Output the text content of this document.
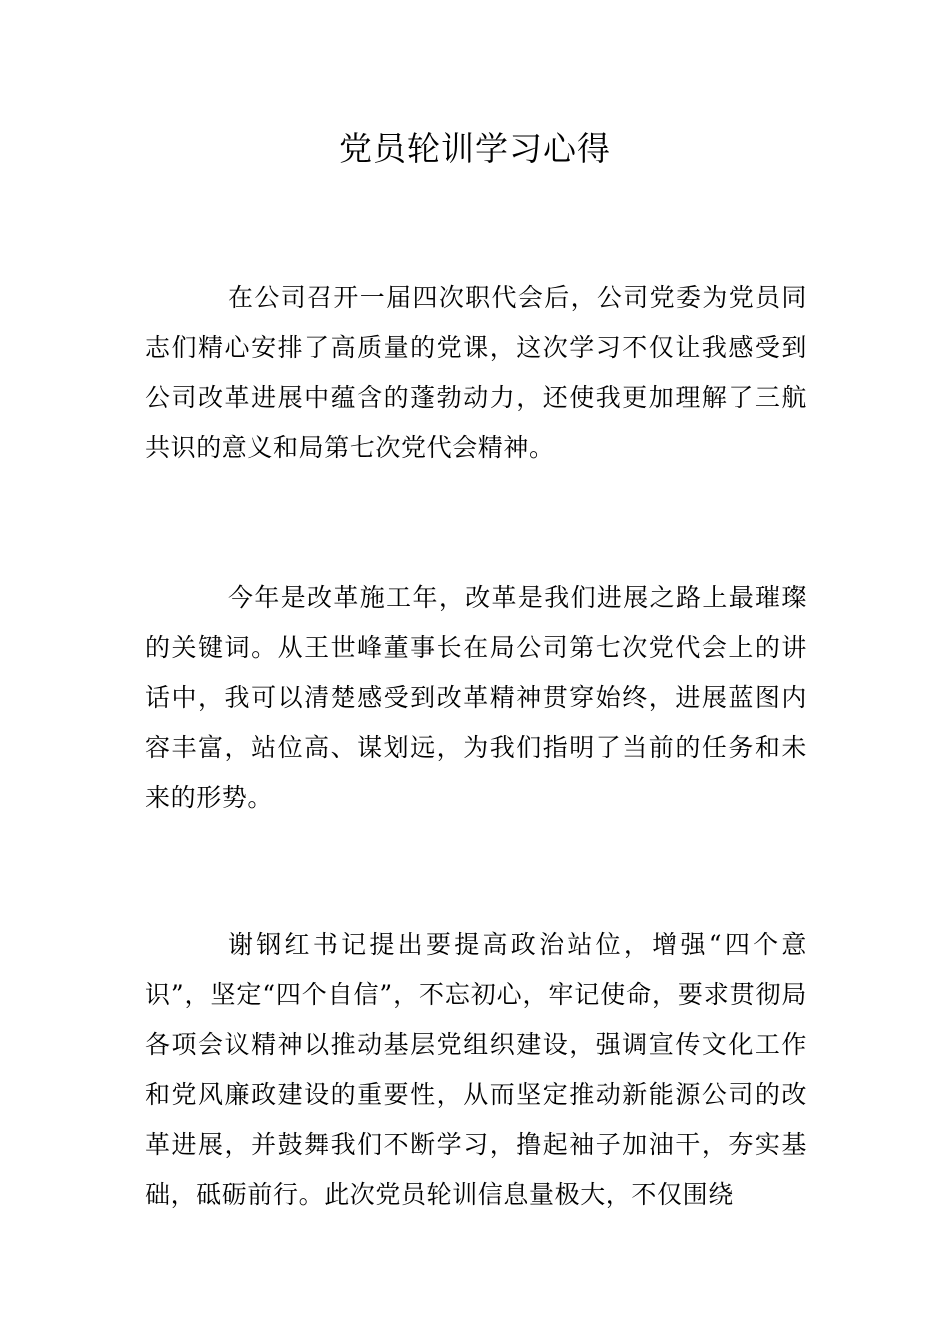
党员轮训学习心得

在公司召开一届四次职代会后，公司党委为党员同志们精心安排了高质量的党课，这次学习不仅让我感受到公司改革进展中蕴含的蓬勃动力，还使我更加理解了三航共识的意义和局第七次党代会精神。

今年是改革施工年，改革是我们进展之路上最璀璨的关键词。从王世峰董事长在局公司第七次党代会上的讲话中，我可以清楚感受到改革精神贯穿始终，进展蓝图内容丰富，站位高、谋划远，为我们指明了当前的任务和未来的形势。

谢钢红书记提出要提高政治站位，增强“四个意识”，坚定“四个自信”，不忘初心，牢记使命，要求贯彻局各项会议精神以推动基层党组织建设，强调宣传文化工作和党风廉政建设的重要性，从而坚定推动新能源公司的改革进展，并鼓舞我们不断学习，撸起袖子加油干，夯实基础，砥砺前行。此次党员轮训信息量极大，不仅围绕
